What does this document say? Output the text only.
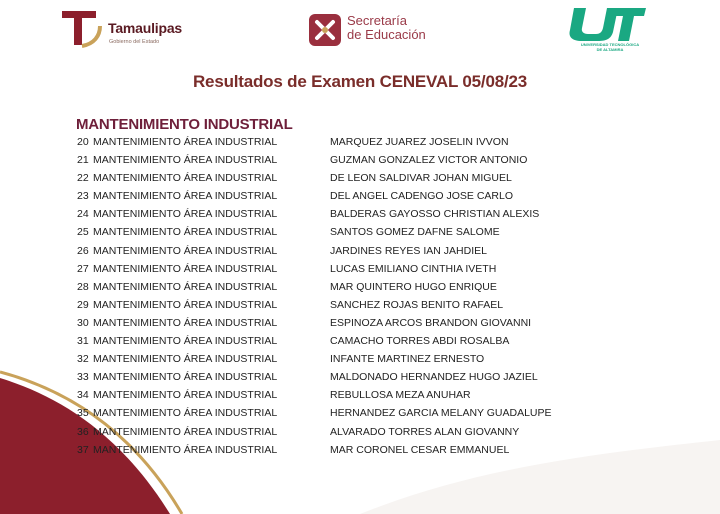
Tamaulipas
Gobierno del Estado
Secretaría
de Educación
UNIVERSIDAD TECNOLÓGICA
DE ALTAMIRA
Resultados de Examen CENEVAL 05/08/23
MANTENIMIENTO INDUSTRIAL
20 MANTENIMIENTO ÁREA INDUSTRIAL	MARQUEZ JUAREZ JOSELIN IVVON
21 MANTENIMIENTO ÁREA INDUSTRIAL	GUZMAN GONZALEZ VICTOR ANTONIO
22 MANTENIMIENTO ÁREA INDUSTRIAL	DE LEON SALDIVAR JOHAN MIGUEL
23 MANTENIMIENTO ÁREA INDUSTRIAL	DEL ANGEL CADENGO JOSE CARLO
24 MANTENIMIENTO ÁREA INDUSTRIAL	BALDERAS GAYOSSO CHRISTIAN ALEXIS
25 MANTENIMIENTO ÁREA INDUSTRIAL	SANTOS GOMEZ DAFNE SALOME
26 MANTENIMIENTO ÁREA INDUSTRIAL	JARDINES REYES IAN JAHDIEL
27 MANTENIMIENTO ÁREA INDUSTRIAL	LUCAS EMILIANO CINTHIA IVETH
28 MANTENIMIENTO ÁREA INDUSTRIAL	MAR QUINTERO HUGO ENRIQUE
29 MANTENIMIENTO ÁREA INDUSTRIAL	SANCHEZ ROJAS BENITO RAFAEL
30 MANTENIMIENTO ÁREA INDUSTRIAL	ESPINOZA ARCOS BRANDON GIOVANNI
31 MANTENIMIENTO ÁREA INDUSTRIAL	CAMACHO TORRES ABDI ROSALBA
32 MANTENIMIENTO ÁREA INDUSTRIAL	INFANTE MARTINEZ ERNESTO
33 MANTENIMIENTO ÁREA INDUSTRIAL	MALDONADO HERNANDEZ HUGO JAZIEL
34 MANTENIMIENTO ÁREA INDUSTRIAL	REBULLOSA MEZA ANUHAR
35 MANTENIMIENTO ÁREA INDUSTRIAL	HERNANDEZ GARCIA MELANY GUADALUPE
36 MANTENIMIENTO ÁREA INDUSTRIAL	ALVARADO TORRES ALAN GIOVANNY
37 MANTENIMIENTO ÁREA INDUSTRIAL	MAR CORONEL CESAR EMMANUEL
